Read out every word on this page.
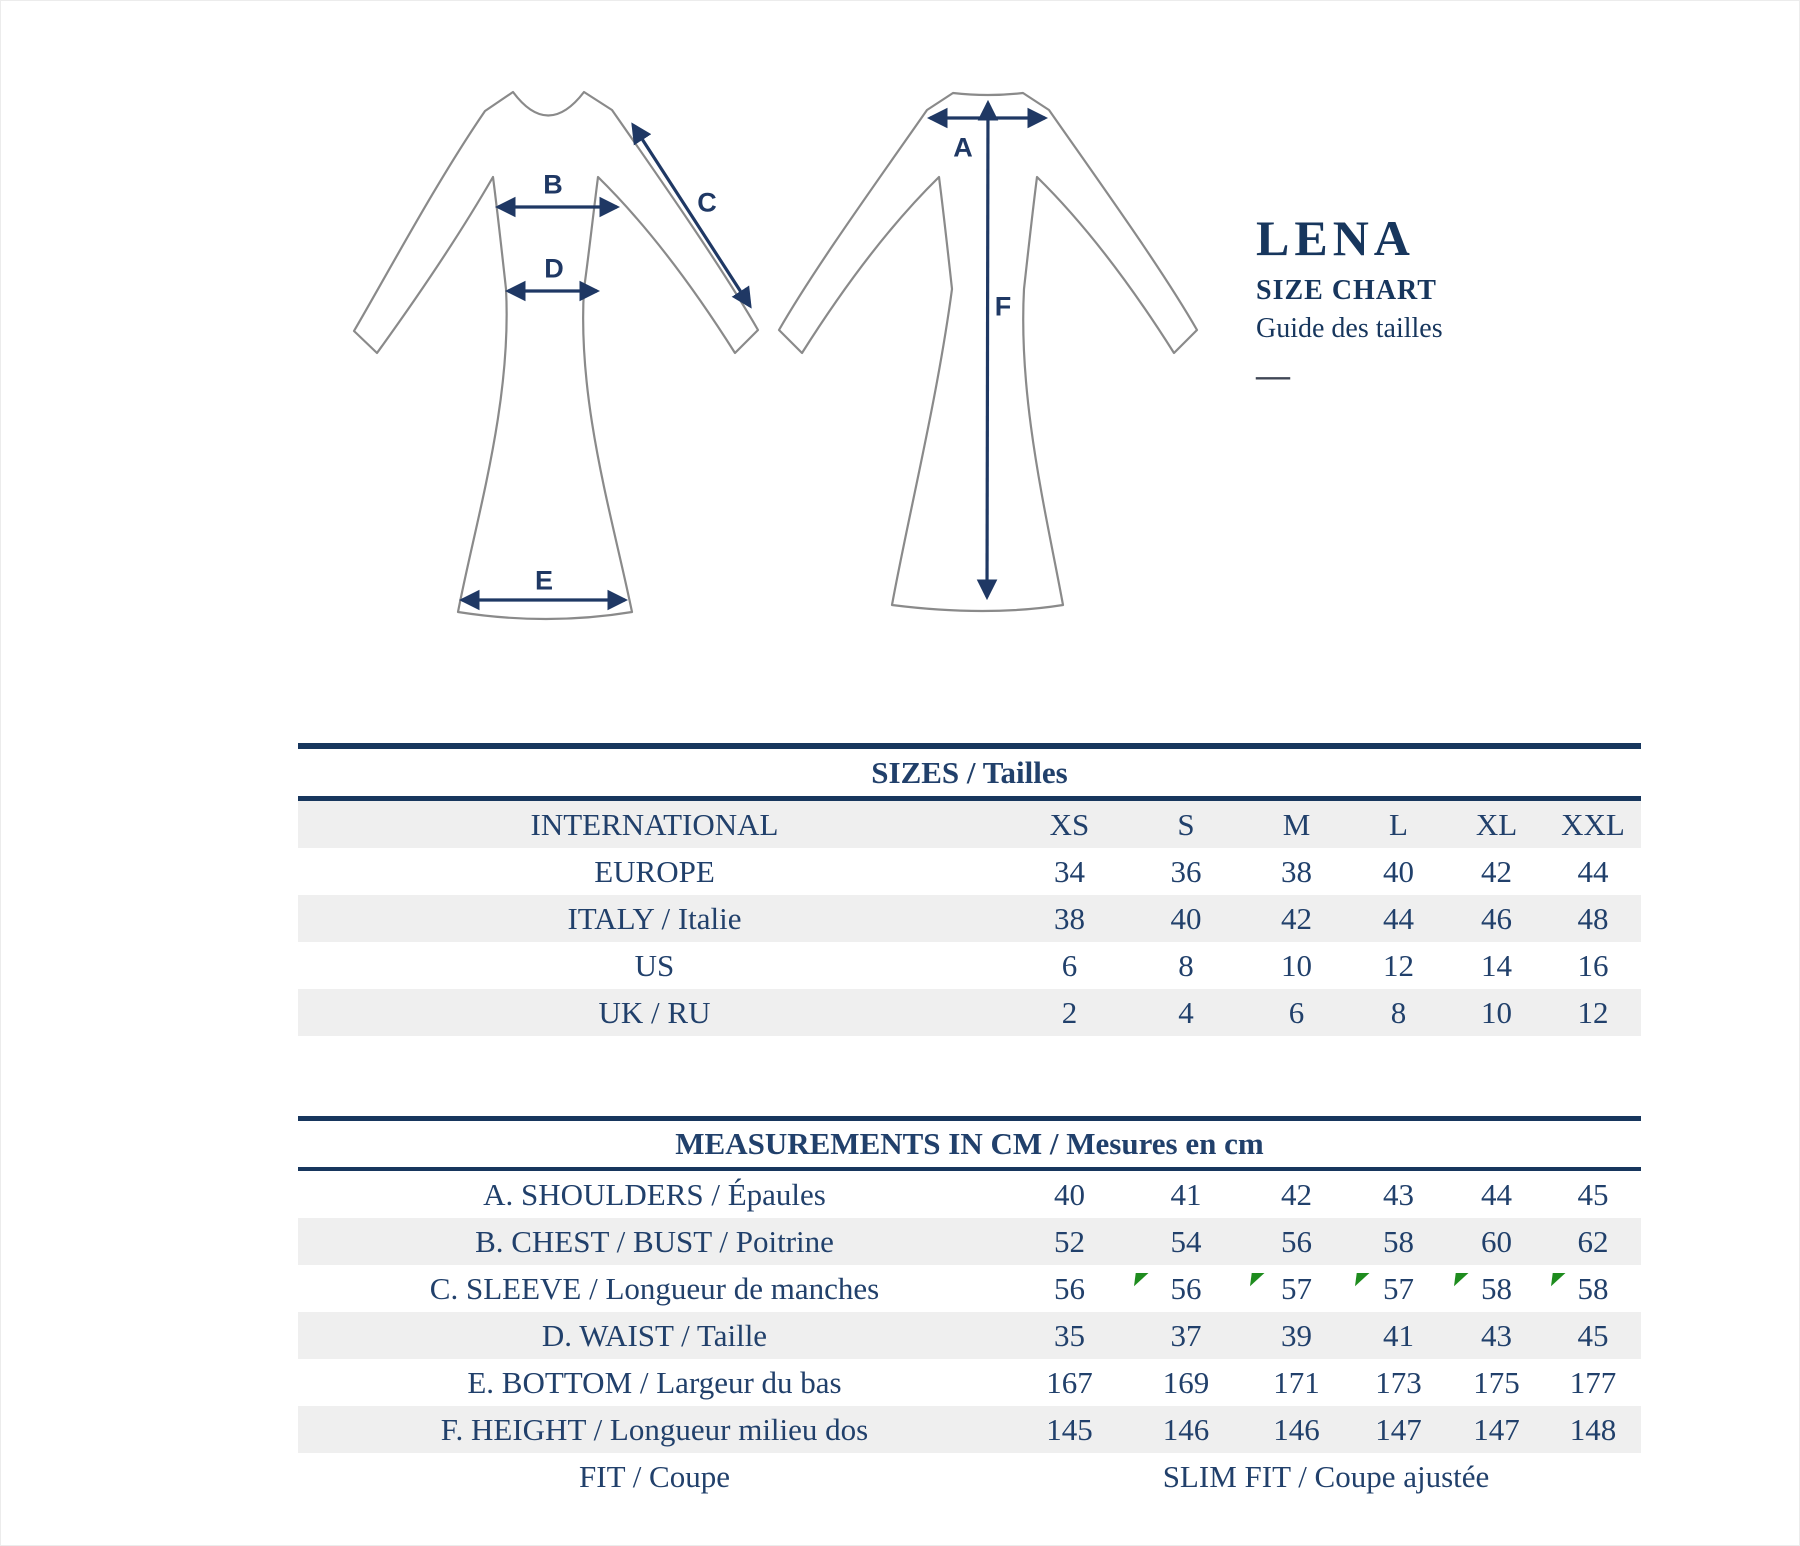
A
B
C
D
E
F
LENA
SIZE CHART
Guide des tailles
—
SIZES / Tailles
INTERNATIONAL	XS	S	M	L	XL	XXL
EUROPE	34	36	38	40	42	44
ITALY / Italie	38	40	42	44	46	48
US	6	8	10	12	14	16
UK / RU	2	4	6	8	10	12
MEASUREMENTS IN CM / Mesures en cm
A. SHOULDERS / Épaules	40	41	42	43	44	45
B. CHEST / BUST / Poitrine	52	54	56	58	60	62
C. SLEEVE / Longueur de manches	56	56	57	57	58	58
D. WAIST / Taille	35	37	39	41	43	45
E. BOTTOM / Largeur du bas	167	169	171	173	175	177
F. HEIGHT / Longueur milieu dos	145	146	146	147	147	148
FIT / Coupe	SLIM FIT / Coupe ajustée
